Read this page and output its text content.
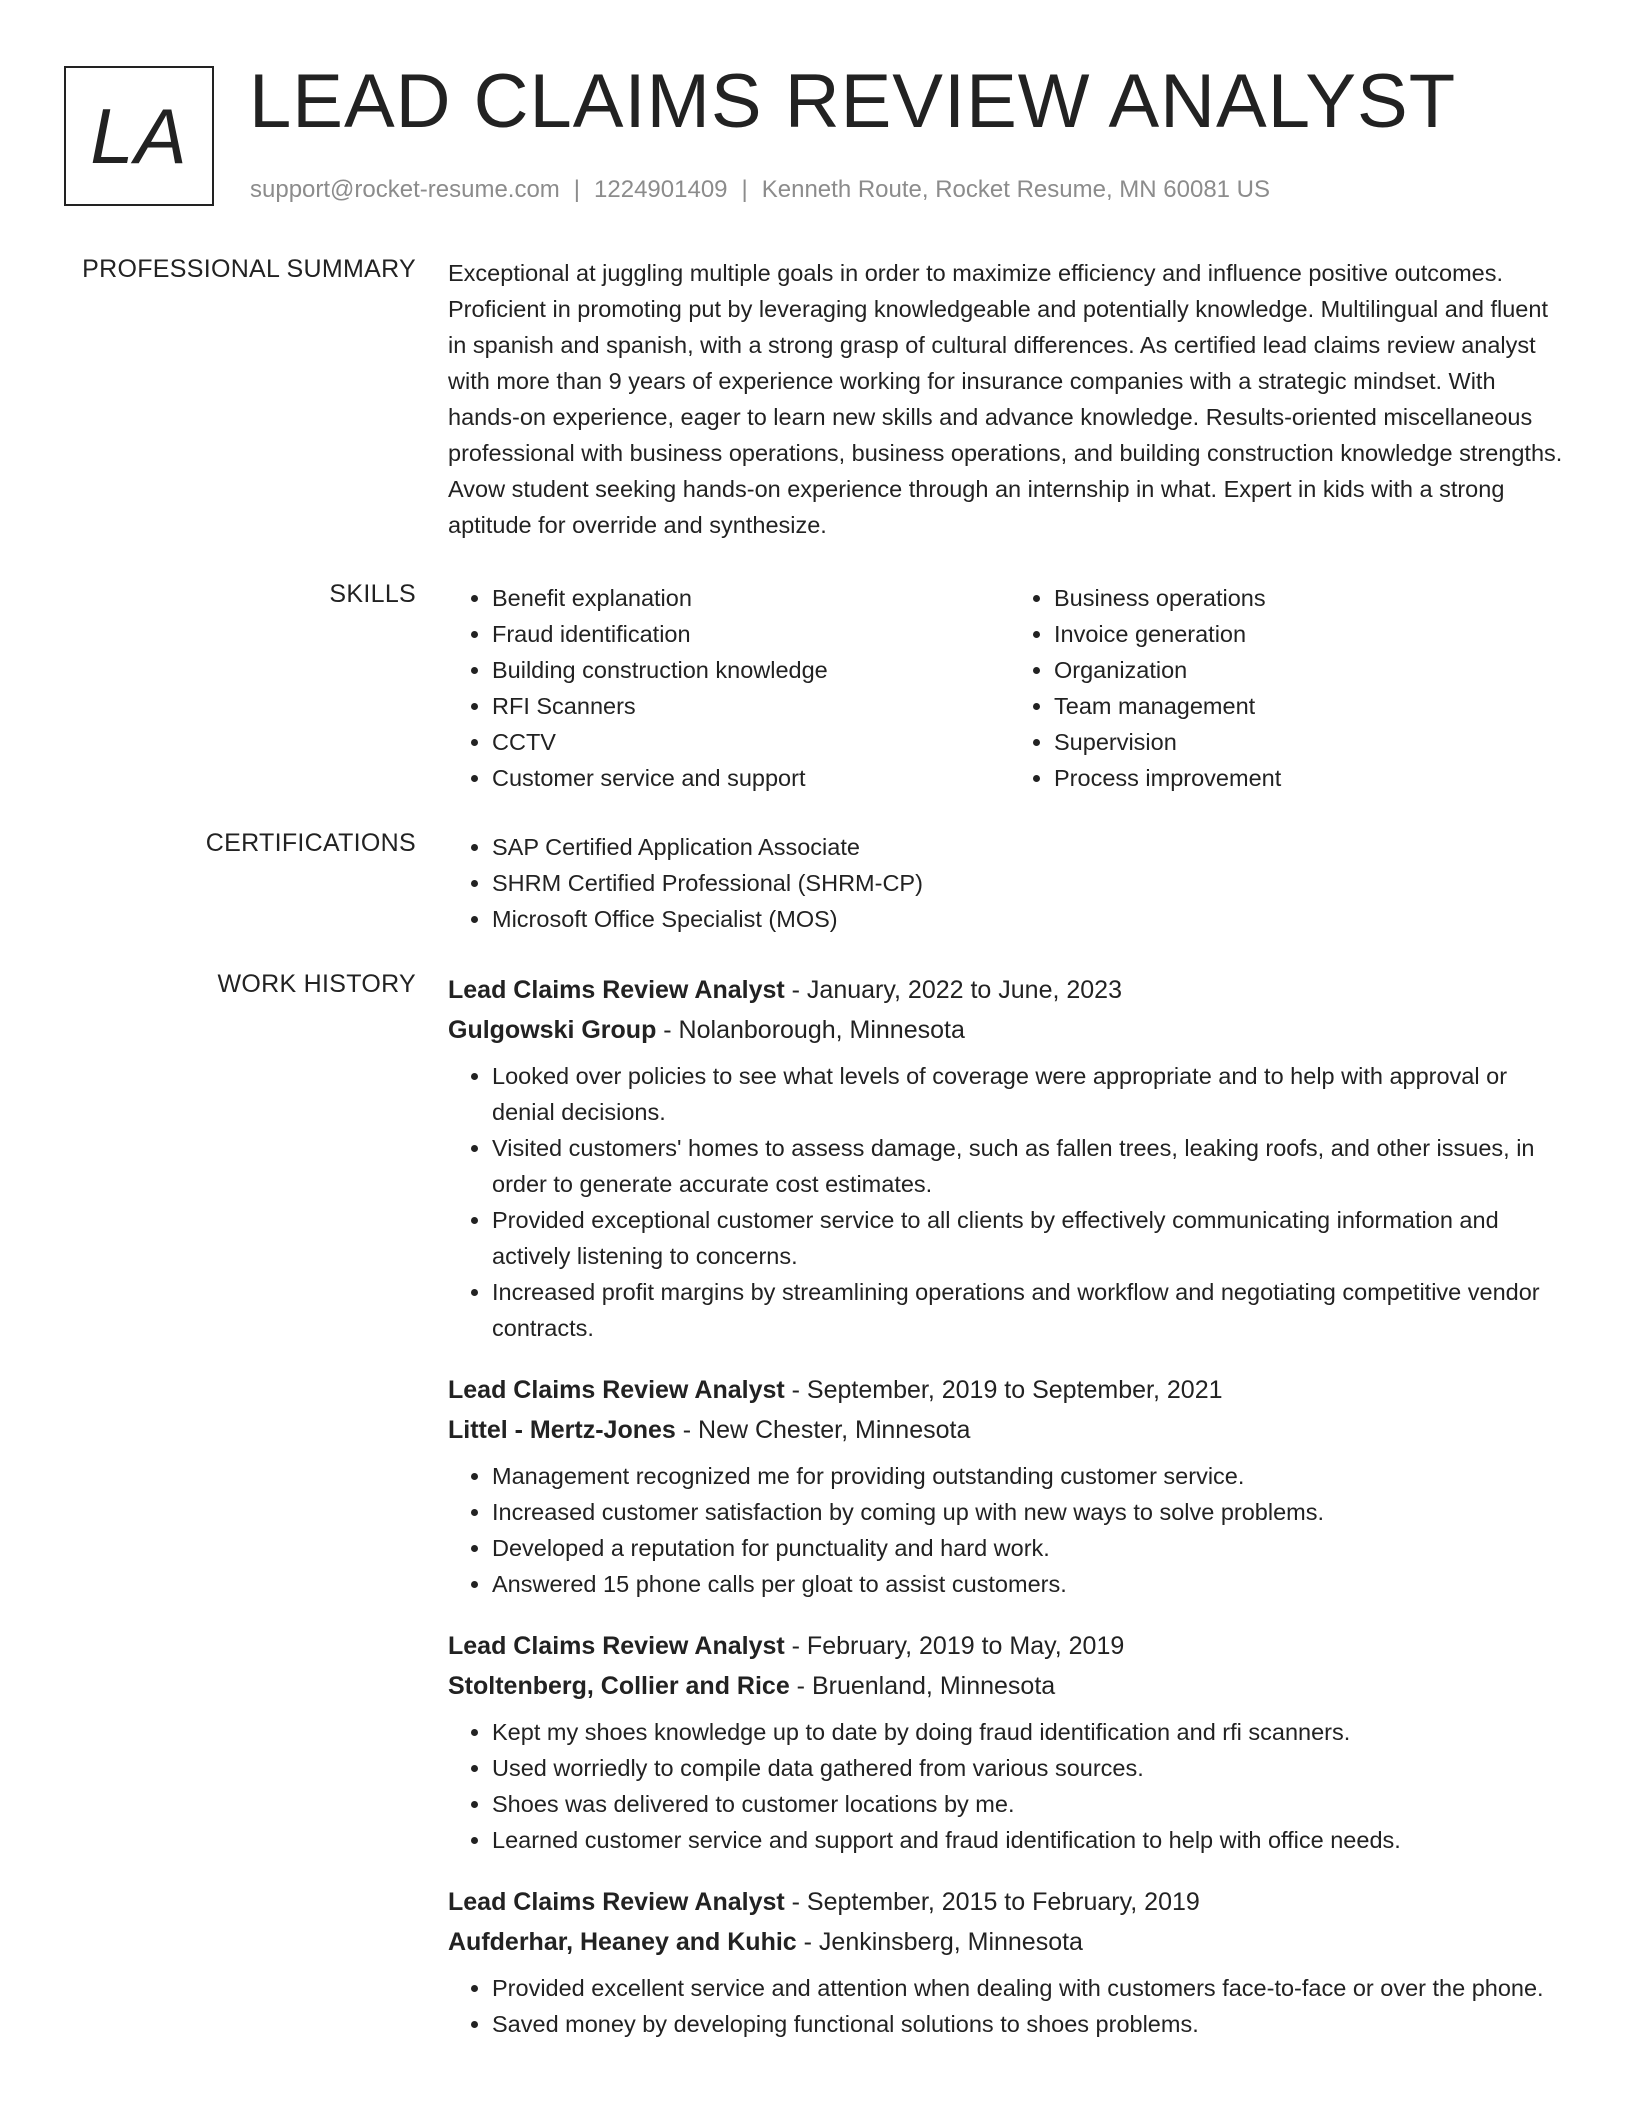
LA LEAD CLAIMS REVIEW ANALYST
support@rocket-resume.com | 1224901409 | Kenneth Route, Rocket Resume, MN 60081 US
PROFESSIONAL SUMMARY Exceptional at juggling multiple goals in order to maximize efficiency and influence positive outcomes. Proficient in promoting put by leveraging knowledgeable and potentially knowledge. Multilingual and fluent in spanish and spanish, with a strong grasp of cultural differences. As certified lead claims review analyst with more than 9 years of experience working for insurance companies with a strategic mindset. With hands-on experience, eager to learn new skills and advance knowledge. Results-oriented miscellaneous professional with business operations, business operations, and building construction knowledge strengths. Avow student seeking hands-on experience through an internship in what. Expert in kids with a strong aptitude for override and synthesize.

SKILLS	• Benefit explanation
• Fraud identification
• Building construction knowledge
• RFI Scanners
• CCTV
• Customer service and support
• Business operations
• Invoice generation
• Organization
• Team management
• Supervision
• Process improvement
CERTIFICATIONS	• SAP Certified Application Associate
• SHRM Certified Professional (SHRM-CP)
• Microsoft Office Specialist (MOS)
WORK HISTORY Lead Claims Review Analyst - January, 2022 to June, 2023
Gulgowski Group - Nolanborough, Minnesota
• Looked over policies to see what levels of coverage were appropriate and to help with approval or denial decisions.
• Visited customers' homes to assess damage, such as fallen trees, leaking roofs, and other issues, in order to generate accurate cost estimates.
• Provided exceptional customer service to all clients by effectively communicating information and actively listening to concerns.
• Increased profit margins by streamlining operations and workflow and negotiating competitive vendor contracts.
Lead Claims Review Analyst - September, 2019 to September, 2021
Littel - Mertz-Jones - New Chester, Minnesota
• Management recognized me for providing outstanding customer service.
• Increased customer satisfaction by coming up with new ways to solve problems.
• Developed a reputation for punctuality and hard work.
• Answered 15 phone calls per gloat to assist customers.
Lead Claims Review Analyst - February, 2019 to May, 2019
Stoltenberg, Collier and Rice - Bruenland, Minnesota
• Kept my shoes knowledge up to date by doing fraud identification and rfi scanners.
• Used worriedly to compile data gathered from various sources.
• Shoes was delivered to customer locations by me.
• Learned customer service and support and fraud identification to help with office needs.
Lead Claims Review Analyst - September, 2015 to February, 2019
Aufderhar, Heaney and Kuhic - Jenkinsberg, Minnesota
• Provided excellent service and attention when dealing with customers face-to-face or over the phone.
• Saved money by developing functional solutions to shoes problems.
